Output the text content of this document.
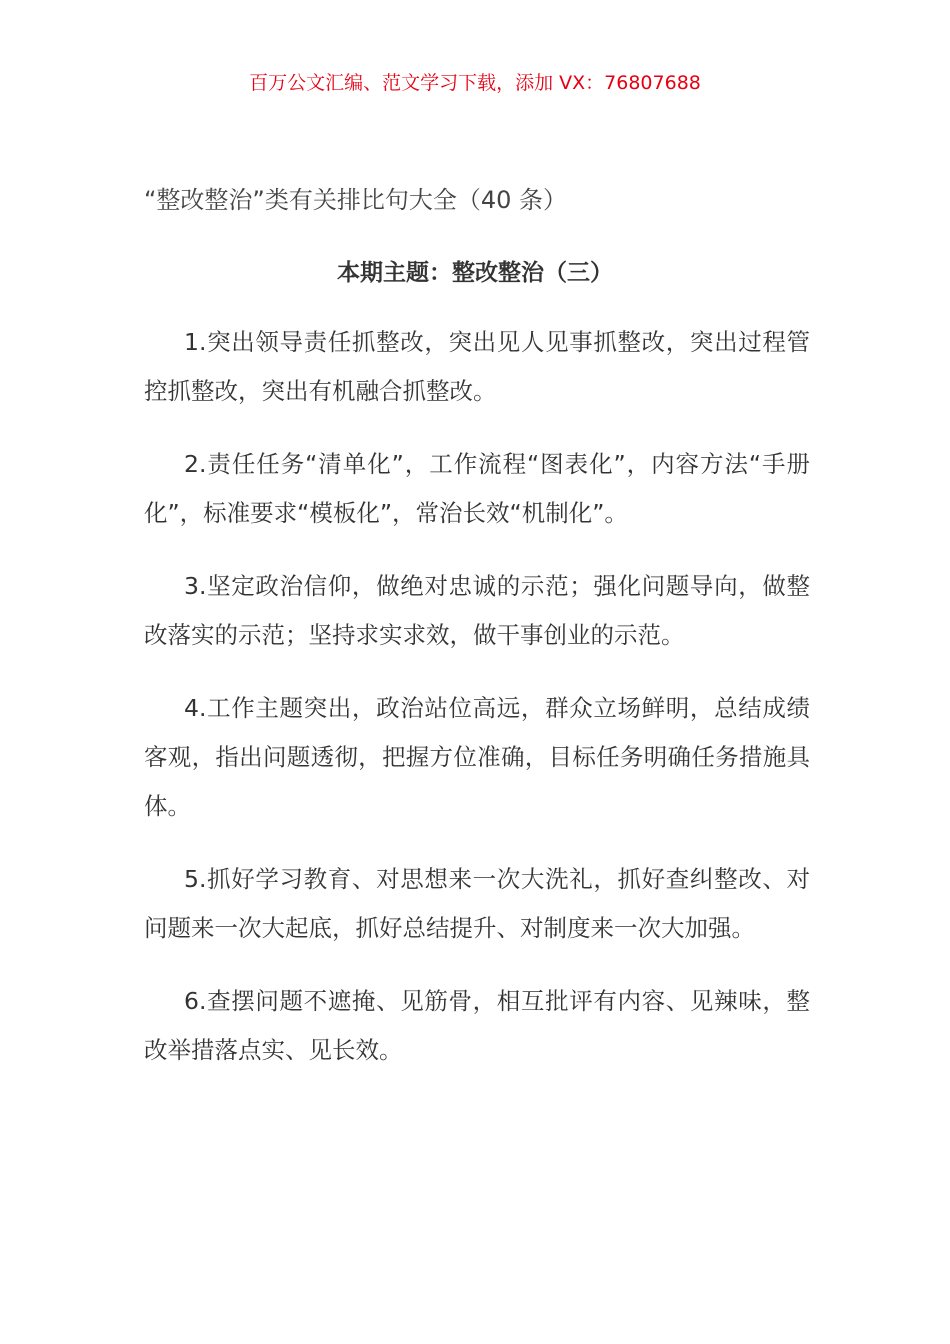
百万公文汇编、范文学习下载，添加 VX：76807688
“整改整治”类有关排比句大全（40 条）
本期主题：整改整治（三）

1.突出领导责任抓整改，突出见人见事抓整改，突出过程管控抓整改，突出有机融合抓整改。

2.责任任务“清单化”，工作流程“图表化”，内容方法“手册化”，标准要求“模板化”，常治长效“机制化”。

3.坚定政治信仰，做绝对忠诚的示范；强化问题导向，做整改落实的示范；坚持求实求效，做干事创业的示范。

4.工作主题突出，政治站位高远，群众立场鲜明，总结成绩客观，指出问题透彻，把握方位准确，目标任务明确任务措施具体。

5.抓好学习教育、对思想来一次大洗礼，抓好查纠整改、对问题来一次大起底，抓好总结提升、对制度来一次大加强。

6.查摆问题不遮掩、见筋骨，相互批评有内容、见辣味，整改举措落点实、见长效。
